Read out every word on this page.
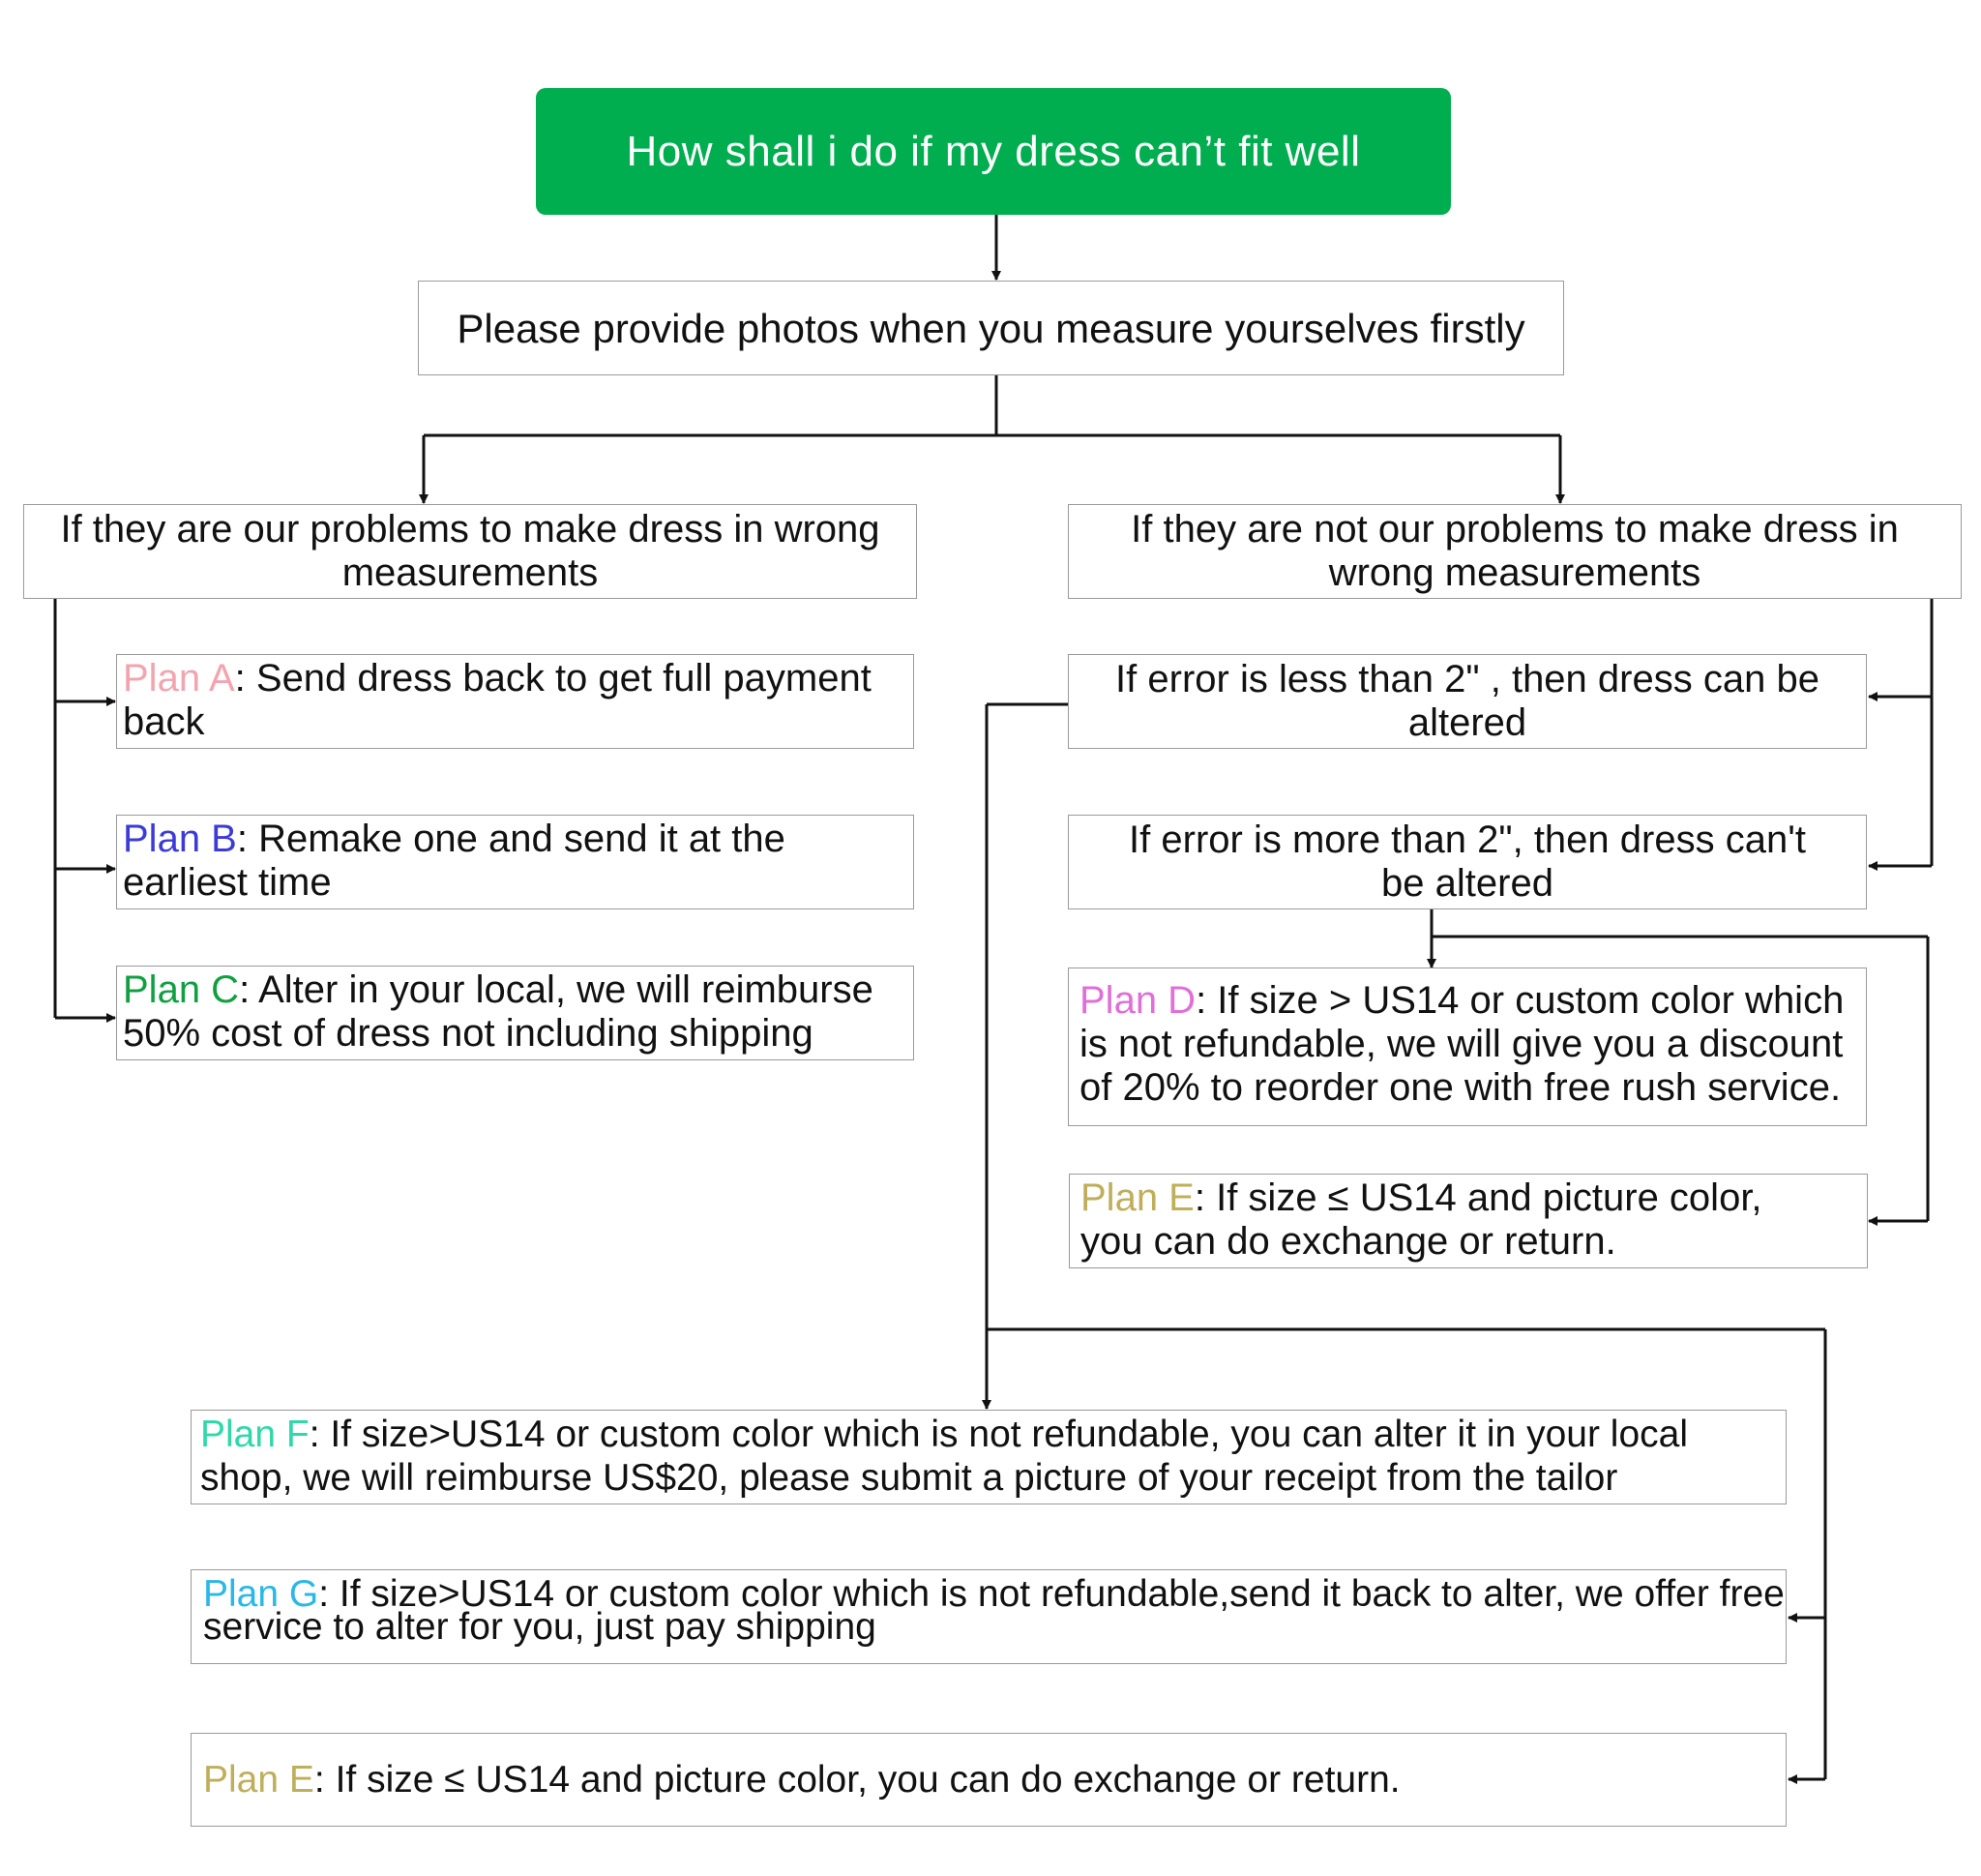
How shall i do if my dress can’t fit well
Please provide photos when you measure yourselves firstly
If they are our problems to make dress in wrong measurements
If they are not our problems to make dress in wrong measurements
Plan A: Send dress back to get full payment back
Plan B: Remake one and send it at the earliest time
Plan C: Alter in your local, we will reimburse 50% cost of dress not including shipping
If error is less than 2" , then dress can be altered
If error is more than 2", then dress can't be altered
Plan D: If size > US14 or custom color which is not refundable, we will give you a discount of 20% to reorder one with free rush service.
Plan E: If size ≤ US14 and picture color, you can do exchange or return.
Plan F: If size>US14 or custom color which is not refundable, you can alter it in your local shop, we will reimburse US$20, please submit a picture of your receipt from the tailor
Plan G: If size>US14 or custom color which is not refundable,send it back to alter, we offer free service to alter for you, just pay shipping
Plan E: If size ≤ US14 and picture color, you can do exchange or return.
